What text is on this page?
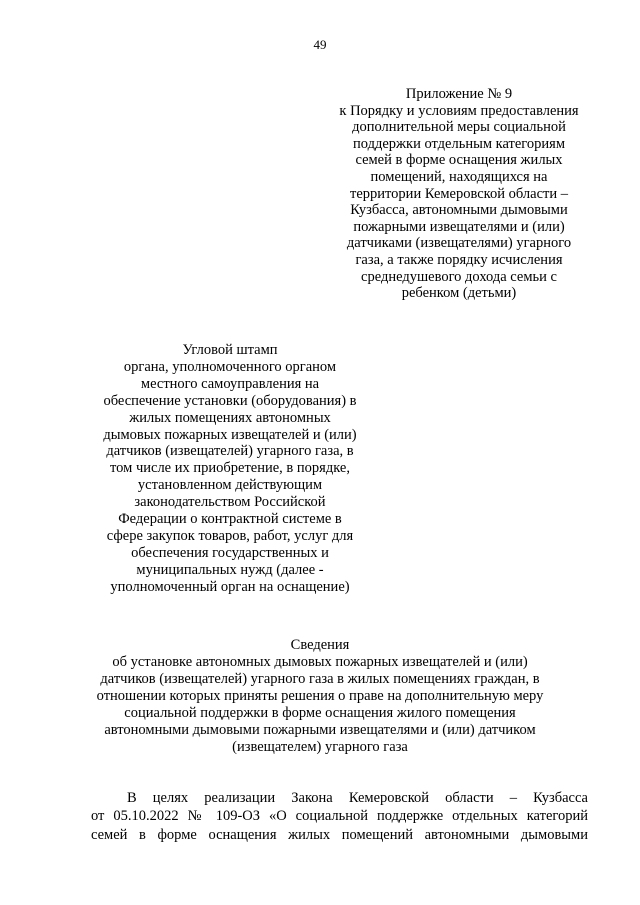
49
Приложение № 9
к Порядку и условиям предоставления
дополнительной меры социальной
поддержки отдельным категориям
семей в форме оснащения жилых
помещений, находящихся на
территории Кемеровской области –
Кузбасса, автономными дымовыми
пожарными извещателями и (или)
датчиками (извещателями) угарного
газа, а также порядку исчисления
среднедушевого дохода семьи с
ребенком (детьми)
Угловой штамп
органа, уполномоченного органом
местного самоуправления на
обеспечение установки (оборудования) в
жилых помещениях автономных
дымовых пожарных извещателей и (или)
датчиков (извещателей) угарного газа, в
том числе их приобретение, в порядке,
установленном действующим
законодательством Российской
Федерации о контрактной системе в
сфере закупок товаров, работ, услуг для
обеспечения государственных и
муниципальных нужд (далее -
уполномоченный орган на оснащение)
Сведения
об установке автономных дымовых пожарных извещателей и (или)
датчиков (извещателей) угарного газа в жилых помещениях граждан, в
отношении которых приняты решения о праве на дополнительную меру
социальной поддержки в форме оснащения жилого помещения
автономными дымовыми пожарными извещателями и (или) датчиком
(извещателем) угарного газа
В целях реализации Закона Кемеровской области – Кузбасса
от 05.10.2022 № 109-ОЗ «О социальной поддержке отдельных категорий
семей в форме оснащения жилых помещений автономными дымовыми
